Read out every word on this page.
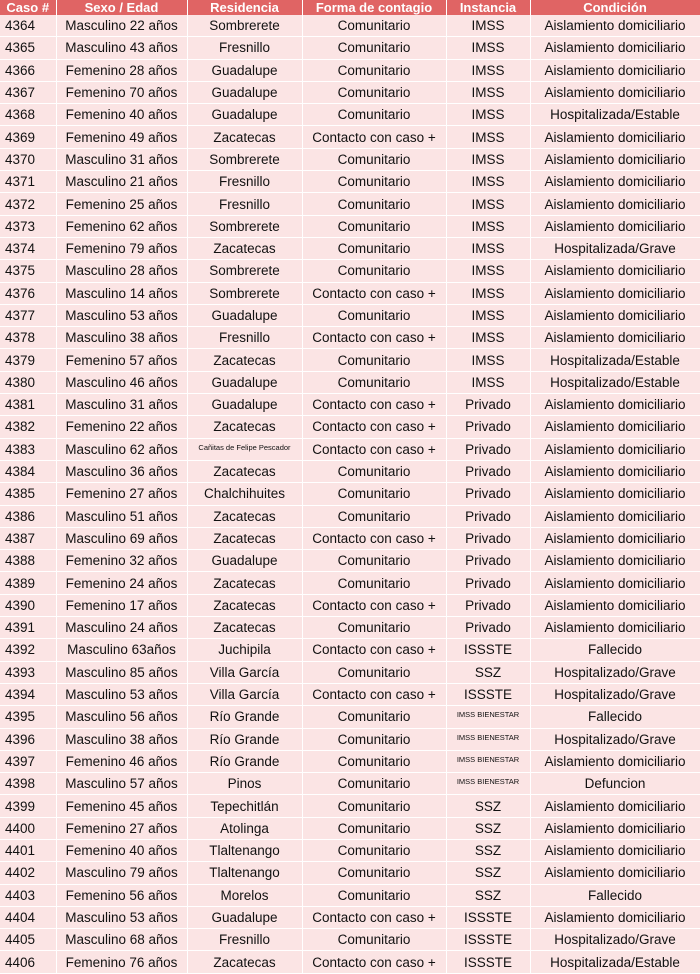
Caso #	Sexo / Edad	Residencia	Forma de contagio	Instancia	Condición
4364	Masculino 22 años	Sombrerete	Comunitario	IMSS	Aislamiento domiciliario
4365	Masculino 43 años	Fresnillo	Comunitario	IMSS	Aislamiento domiciliario
4366	Femenino 28 años	Guadalupe	Comunitario	IMSS	Aislamiento domiciliario
4367	Femenino 70 años	Guadalupe	Comunitario	IMSS	Aislamiento domiciliario
4368	Femenino 40 años	Guadalupe	Comunitario	IMSS	Hospitalizada/Estable
4369	Femenino 49 años	Zacatecas	Contacto con caso +	IMSS	Aislamiento domiciliario
4370	Masculino 31 años	Sombrerete	Comunitario	IMSS	Aislamiento domiciliario
4371	Masculino 21 años	Fresnillo	Comunitario	IMSS	Aislamiento domiciliario
4372	Femenino 25 años	Fresnillo	Comunitario	IMSS	Aislamiento domiciliario
4373	Femenino 62 años	Sombrerete	Comunitario	IMSS	Aislamiento domiciliario
4374	Femenino 79 años	Zacatecas	Comunitario	IMSS	Hospitalizada/Grave
4375	Masculino 28 años	Sombrerete	Comunitario	IMSS	Aislamiento domiciliario
4376	Masculino 14 años	Sombrerete	Contacto con caso +	IMSS	Aislamiento domiciliario
4377	Masculino 53 años	Guadalupe	Comunitario	IMSS	Aislamiento domiciliario
4378	Masculino 38 años	Fresnillo	Contacto con caso +	IMSS	Aislamiento domiciliario
4379	Femenino 57 años	Zacatecas	Comunitario	IMSS	Hospitalizada/Estable
4380	Masculino 46 años	Guadalupe	Comunitario	IMSS	Hospitalizado/Estable
4381	Masculino 31 años	Guadalupe	Contacto con caso +	Privado	Aislamiento domiciliario
4382	Femenino 22 años	Zacatecas	Contacto con caso +	Privado	Aislamiento domiciliario
4383	Masculino 62 años	Cañitas de Felipe Pescador	Contacto con caso +	Privado	Aislamiento domiciliario
4384	Masculino 36 años	Zacatecas	Comunitario	Privado	Aislamiento domiciliario
4385	Femenino 27 años	Chalchihuites	Comunitario	Privado	Aislamiento domiciliario
4386	Masculino 51 años	Zacatecas	Comunitario	Privado	Aislamiento domiciliario
4387	Masculino 69 años	Zacatecas	Contacto con caso +	Privado	Aislamiento domiciliario
4388	Femenino 32 años	Guadalupe	Comunitario	Privado	Aislamiento domiciliario
4389	Femenino 24 años	Zacatecas	Comunitario	Privado	Aislamiento domiciliario
4390	Femenino 17 años	Zacatecas	Contacto con caso +	Privado	Aislamiento domiciliario
4391	Masculino 24 años	Zacatecas	Comunitario	Privado	Aislamiento domiciliario
4392	Masculino 63años	Juchipila	Contacto con caso +	ISSSTE	Fallecido
4393	Masculino 85 años	Villa García	Comunitario	SSZ	Hospitalizado/Grave
4394	Masculino 53 años	Villa García	Contacto con caso +	ISSSTE	Hospitalizado/Grave
4395	Masculino 56 años	Río Grande	Comunitario	IMSS BIENESTAR	Fallecido
4396	Masculino 38 años	Río Grande	Comunitario	IMSS BIENESTAR	Hospitalizado/Grave
4397	Femenino 46 años	Río Grande	Comunitario	IMSS BIENESTAR	Aislamiento domiciliario
4398	Masculino 57 años	Pinos	Comunitario	IMSS BIENESTAR	Defuncion
4399	Femenino 45 años	Tepechitlán	Comunitario	SSZ	Aislamiento domiciliario
4400	Femenino 27 años	Atolinga	Comunitario	SSZ	Aislamiento domiciliario
4401	Femenino 40 años	Tlaltenango	Comunitario	SSZ	Aislamiento domiciliario
4402	Masculino 79 años	Tlaltenango	Comunitario	SSZ	Aislamiento domiciliario
4403	Femenino 56 años	Morelos	Comunitario	SSZ	Fallecido
4404	Masculino 53 años	Guadalupe	Contacto con caso +	ISSSTE	Aislamiento domiciliario
4405	Masculino 68 años	Fresnillo	Comunitario	ISSSTE	Hospitalizado/Grave
4406	Femenino 76 años	Zacatecas	Contacto con caso +	ISSSTE	Hospitalizada/Estable
